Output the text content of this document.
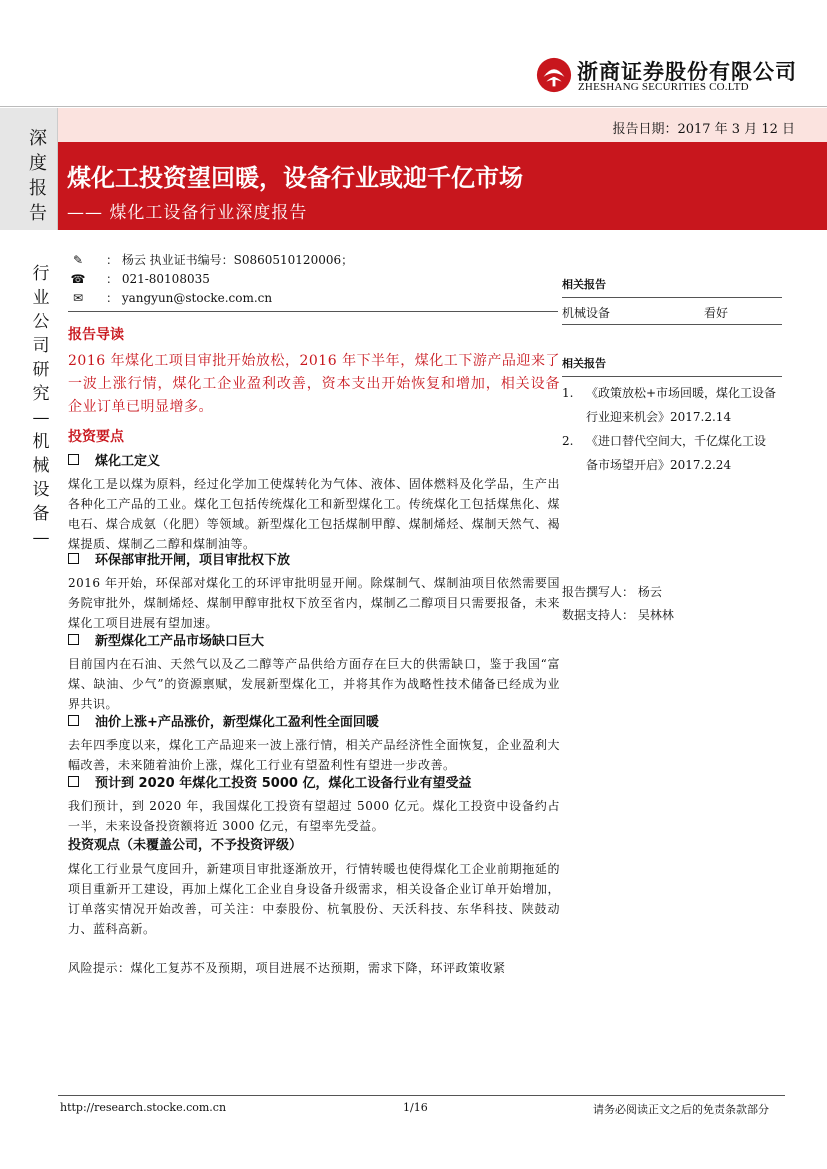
浙商证券股份有限公司
ZHESHANG SECURITIES CO.LTD
报告日期：2017 年 3 月 12 日
深
度
报
告
煤化工投资望回暖，设备行业或迎千亿市场
—— 煤化工设备行业深度报告
行
业
公
司
研
究
—
机
械
设
备
—
✎ ： 杨云 执业证书编号：S0860510120006；
☎ ： 021-80108035
✉ ： yangyun@stocke.com.cn
报告导读
2016 年煤化工项目审批开始放松，2016 年下半年，煤化工下游产品迎来了一波上涨行情，煤化工企业盈利改善，资本支出开始恢复和增加，相关设备企业订单已明显增多。
投资要点
煤化工定义
煤化工是以煤为原料，经过化学加工使煤转化为气体、液体、固体燃料及化学品，生产出各种化工产品的工业。煤化工包括传统煤化工和新型煤化工。传统煤化工包括煤焦化、煤电石、煤合成氨（化肥）等领域。新型煤化工包括煤制甲醇、煤制烯烃、煤制天然气、褐煤提质、煤制乙二醇和煤制油等。
环保部审批开闸，项目审批权下放
2016 年开始，环保部对煤化工的环评审批明显开闸。除煤制气、煤制油项目依然需要国务院审批外，煤制烯烃、煤制甲醇审批权下放至省内，煤制乙二醇项目只需要报备，未来煤化工项目进展有望加速。
新型煤化工产品市场缺口巨大
目前国内在石油、天然气以及乙二醇等产品供给方面存在巨大的供需缺口，鉴于我国“富煤、缺油、少气”的资源禀赋，发展新型煤化工，并将其作为战略性技术储备已经成为业界共识。
油价上涨+产品涨价，新型煤化工盈利性全面回暖
去年四季度以来，煤化工产品迎来一波上涨行情，相关产品经济性全面恢复，企业盈利大幅改善，未来随着油价上涨，煤化工行业有望盈利性有望进一步改善。
预计到 2020 年煤化工投资 5000 亿，煤化工设备行业有望受益
我们预计，到 2020 年，我国煤化工投资有望超过 5000 亿元。煤化工投资中设备约占一半，未来设备投资额将近 3000 亿元，有望率先受益。
投资观点（未覆盖公司，不予投资评级）
煤化工行业景气度回升，新建项目审批逐渐放开，行情转暖也使得煤化工企业前期拖延的项目重新开工建设，再加上煤化工企业自身设备升级需求，相关设备企业订单开始增加，订单落实情况开始改善，可关注：中泰股份、杭氧股份、天沃科技、东华科技、陕鼓动力、蓝科高新。
风险提示：煤化工复苏不及预期，项目进展不达预期，需求下降，环评政策收紧
相关报告
机械设备	看好
相关报告
1. 《政策放松+市场回暖，煤化工设备
行业迎来机会》2017.2.14
2. 《进口替代空间大，千亿煤化工设
备市场望开启》2017.2.24
报告撰写人： 杨云
数据支持人： 吴林林
http://research.stocke.com.cn	1/16	请务必阅读正文之后的免责条款部分
